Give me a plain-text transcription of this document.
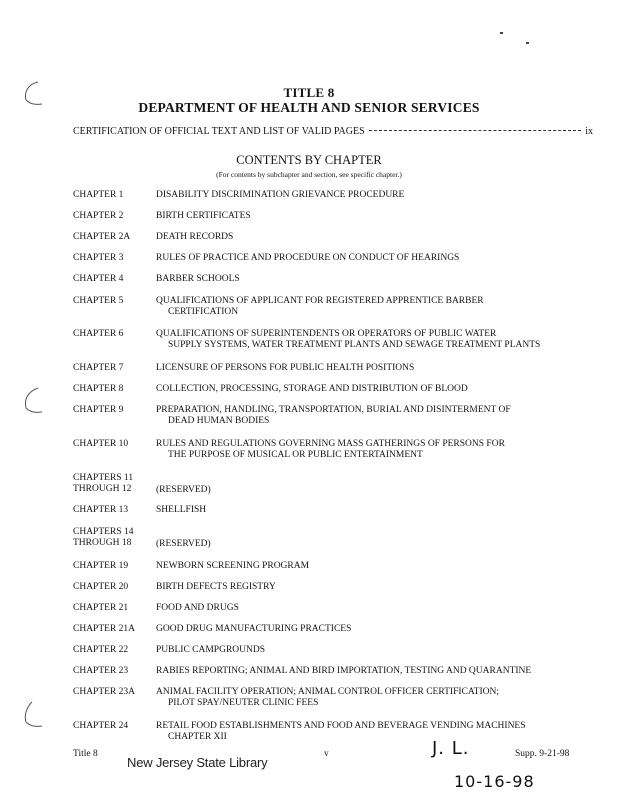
TITLE 8
DEPARTMENT OF HEALTH AND SENIOR SERVICES
CERTIFICATION OF OFFICIAL TEXT AND LIST OF VALID PAGES	ix
CONTENTS BY CHAPTER
(For contents by subchapter and section, see specific chapter.)
CHAPTER 1	DISABILITY DISCRIMINATION GRIEVANCE PROCEDURE
CHAPTER 2	BIRTH CERTIFICATES
CHAPTER 2A	DEATH RECORDS
CHAPTER 3	RULES OF PRACTICE AND PROCEDURE ON CONDUCT OF HEARINGS
CHAPTER 4	BARBER SCHOOLS
CHAPTER 5	QUALIFICATIONS OF APPLICANT FOR REGISTERED APPRENTICE BARBER
CERTIFICATION
CHAPTER 6	QUALIFICATIONS OF SUPERINTENDENTS OR OPERATORS OF PUBLIC WATER
SUPPLY SYSTEMS, WATER TREATMENT PLANTS AND SEWAGE TREATMENT PLANTS
CHAPTER 7	LICENSURE OF PERSONS FOR PUBLIC HEALTH POSITIONS
CHAPTER 8	COLLECTION, PROCESSING, STORAGE AND DISTRIBUTION OF BLOOD
CHAPTER 9	PREPARATION, HANDLING, TRANSPORTATION, BURIAL AND DISINTERMENT OF
DEAD HUMAN BODIES
CHAPTER 10	RULES AND REGULATIONS GOVERNING MASS GATHERINGS OF PERSONS FOR
THE PURPOSE OF MUSICAL OR PUBLIC ENTERTAINMENT
CHAPTERS 11
THROUGH 12	(RESERVED)
CHAPTER 13	SHELLFISH
CHAPTERS 14
THROUGH 18	(RESERVED)
CHAPTER 19	NEWBORN SCREENING PROGRAM
CHAPTER 20	BIRTH DEFECTS REGISTRY
CHAPTER 21	FOOD AND DRUGS
CHAPTER 21A	GOOD DRUG MANUFACTURING PRACTICES
CHAPTER 22	PUBLIC CAMPGROUNDS
CHAPTER 23	RABIES REPORTING; ANIMAL AND BIRD IMPORTATION, TESTING AND QUARANTINE
CHAPTER 23A	ANIMAL FACILITY OPERATION; ANIMAL CONTROL OFFICER CERTIFICATION;
PILOT SPAY/NEUTER CLINIC FEES
CHAPTER 24	RETAIL FOOD ESTABLISHMENTS AND FOOD AND BEVERAGE VENDING MACHINES
CHAPTER XII
Title 8
New Jersey State Library
v	J. L.	Supp. 9-21-98
10-16-98
